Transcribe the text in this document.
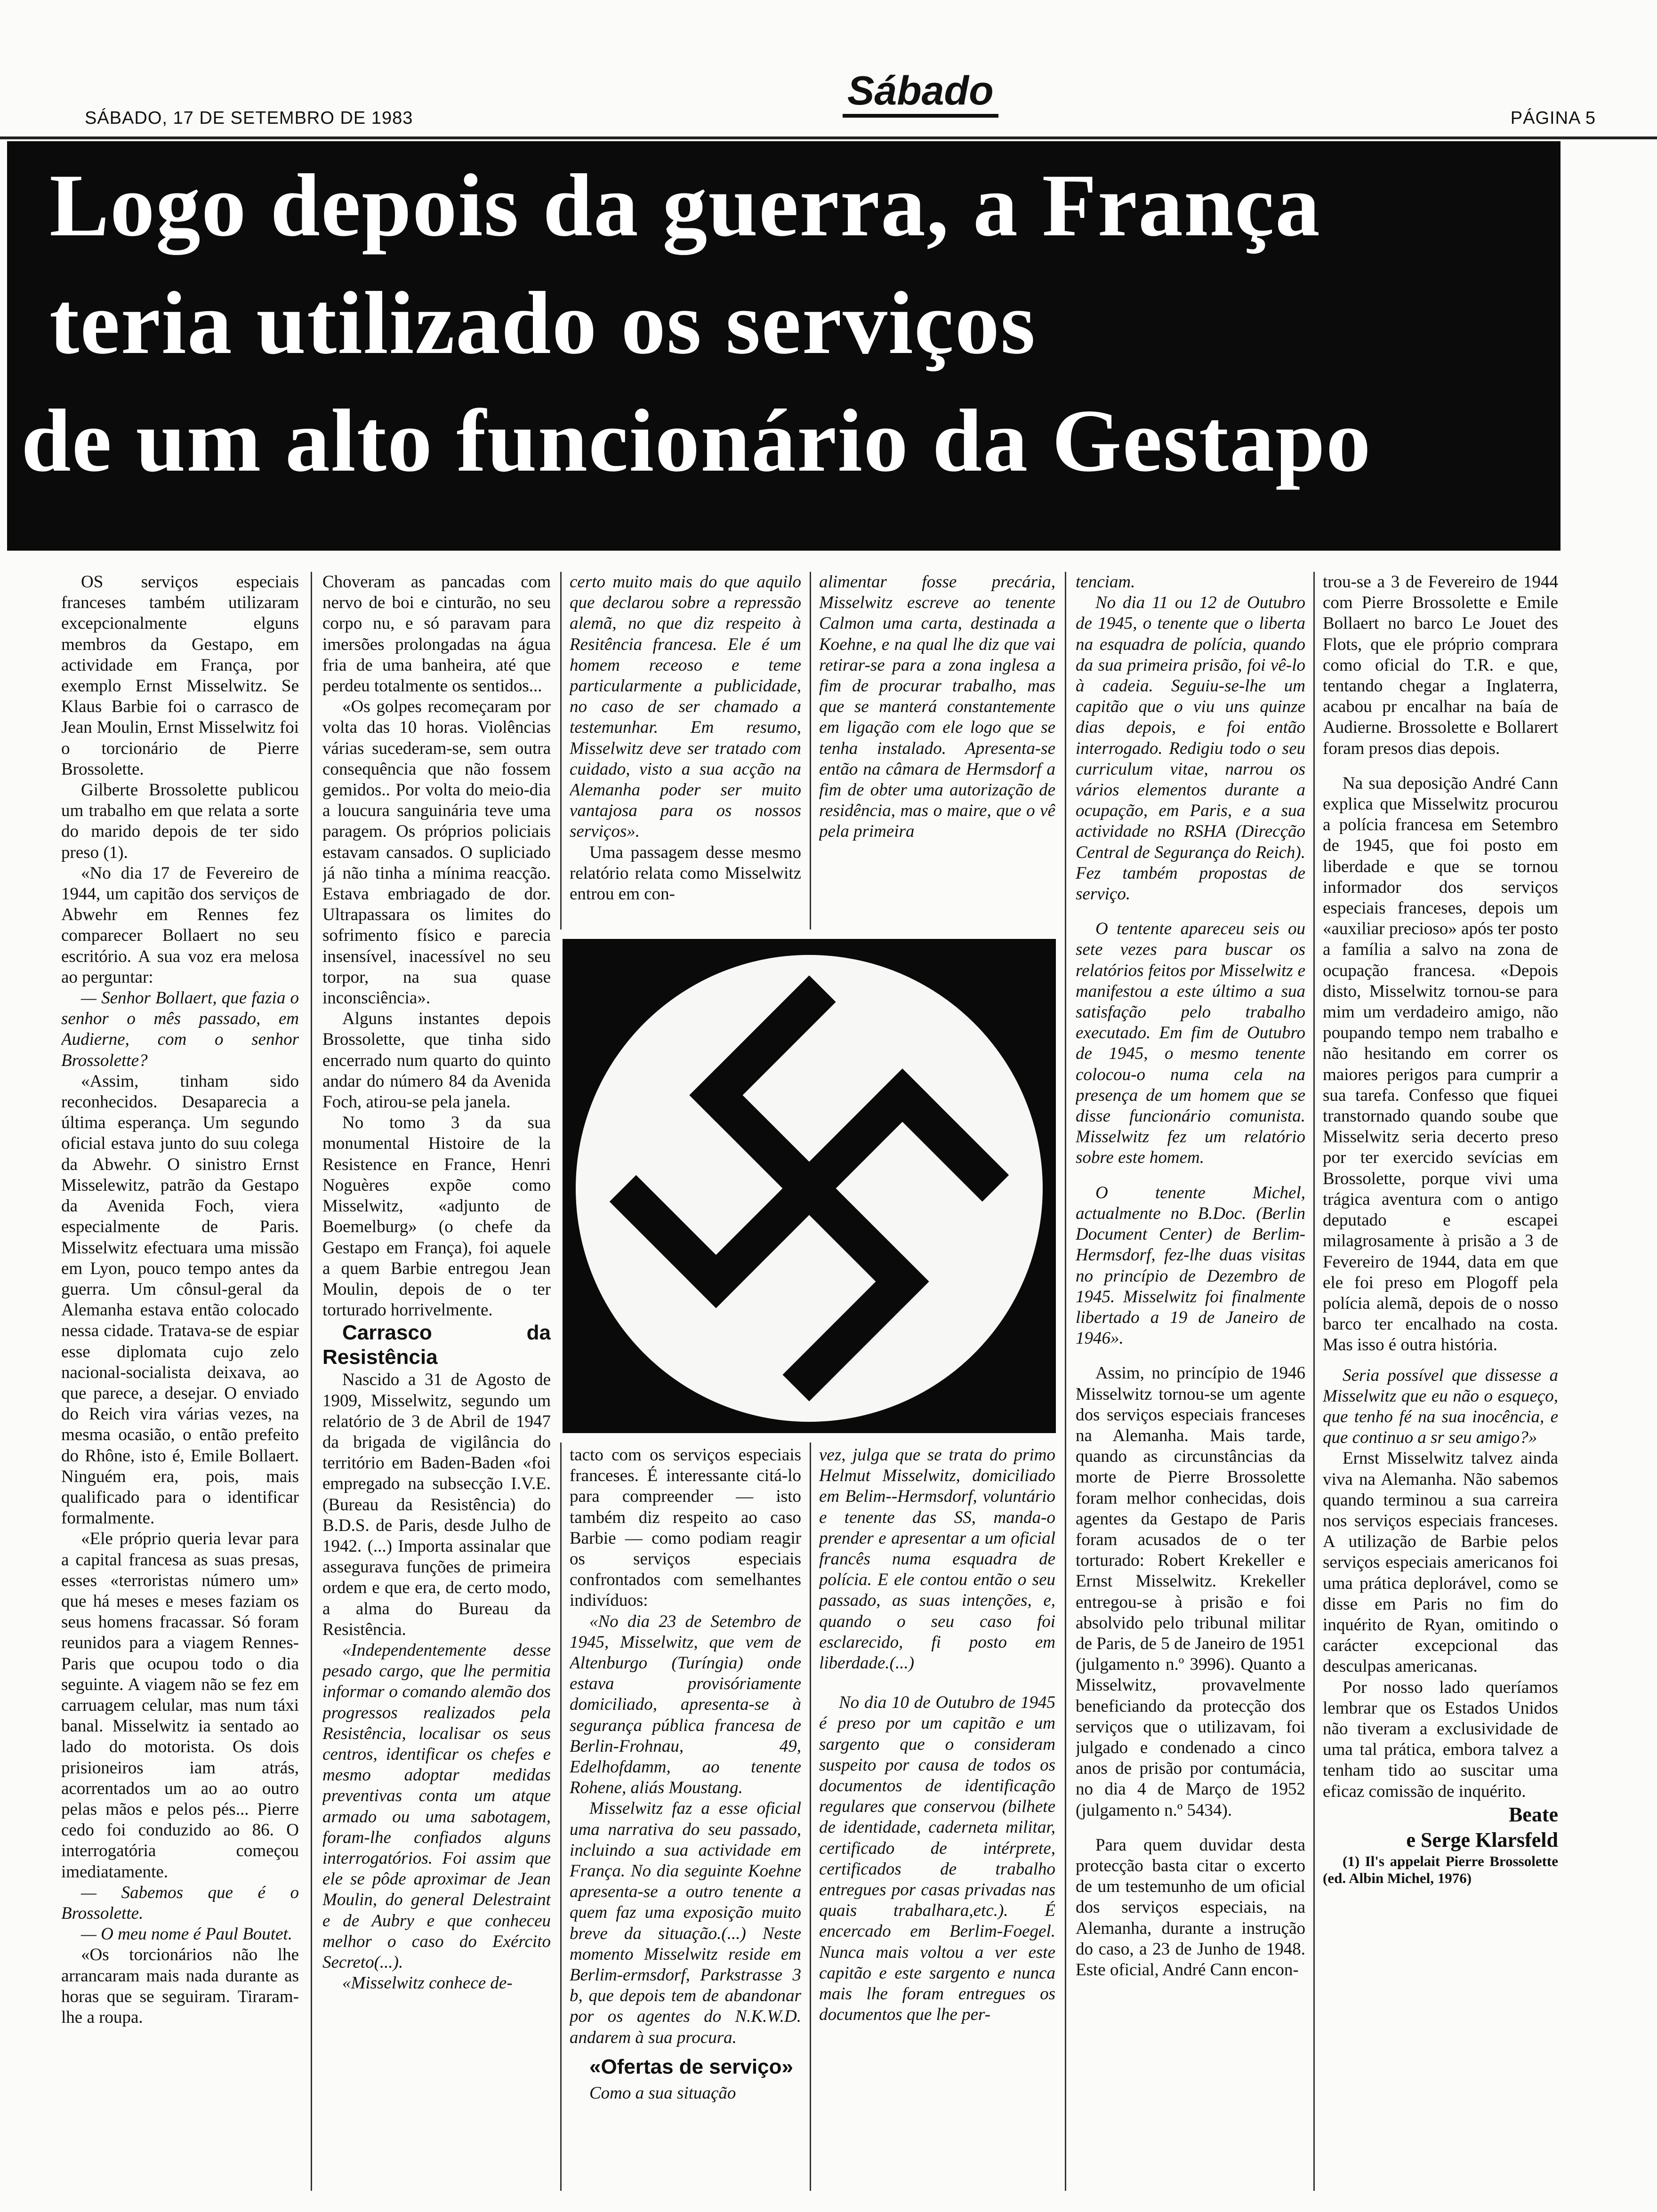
SÁBADO, 17 DE SETEMBRO DE 1983
Sábado
PÁGINA 5
Logo depois da guerra, a França
teria utilizado os serviços
de um alto funcionário da Gestapo

OS serviços especiais franceses também utilizaram excepcionalmente elguns membros da Gestapo, em actividade em França, por exemplo Ernst Misselwitz. Se Klaus Barbie foi o carrasco de Jean Moulin, Ernst Misselwitz foi o torcionário de Pierre Brossolette.

Gilberte Brossolette publicou um trabalho em que relata a sorte do marido depois de ter sido preso (1).

«No dia 17 de Fevereiro de 1944, um capitão dos serviços de Abwehr em Rennes fez comparecer Bollaert no seu escritório. A sua voz era melosa ao perguntar:

— Senhor Bollaert, que fazia o senhor o mês passado, em Audierne, com o senhor Brossolette?

«Assim, tinham sido reconhecidos. Desaparecia a última esperança. Um segundo oficial estava junto do suu colega da Abwehr. O sinistro Ernst Misselewitz, patrão da Gestapo da Avenida Foch, viera especialmente de Paris. Misselwitz efectuara uma missão em Lyon, pouco tempo antes da guerra. Um cônsul-geral da Alemanha estava então colocado nessa cidade. Tratava-se de espiar esse diplomata cujo zelo nacional-socialista deixava, ao que parece, a desejar. O enviado do Reich vira várias vezes, na mesma ocasião, o então prefeito do Rhône, isto é, Emile Bollaert. Ninguém era, pois, mais qualificado para o identificar formalmente.

«Ele próprio queria levar para a capital francesa as suas presas, esses «terroristas número um» que há meses e meses faziam os seus homens fracassar. Só foram reunidos para a viagem Rennes-Paris que ocupou todo o dia seguinte. A viagem não se fez em carruagem celular, mas num táxi banal. Misselwitz ia sentado ao lado do motorista. Os dois prisioneiros iam atrás, acorrentados um ao ao outro pelas mãos e pelos pés... Pierre cedo foi conduzido ao 86. O interrogatória começou imediatamente.

— Sabemos que é o Brossolette.

— O meu nome é Paul Boutet.

«Os torcionários não lhe arrancaram mais nada durante as horas que se seguiram. Tiraram-lhe a roupa.

Choveram as pancadas com nervo de boi e cinturão, no seu corpo nu, e só paravam para imersões prolongadas na água fria de uma banheira, até que perdeu totalmente os sentidos...

«Os golpes recomeçaram por volta das 10 horas. Violências várias sucederam-se, sem outra consequência que não fossem gemidos.. Por volta do meio-dia a loucura sanguinária teve uma paragem. Os próprios policiais estavam cansados. O supliciado já não tinha a mínima reacção. Estava embriagado de dor. Ultrapassara os limites do sofrimento físico e parecia insensível, inacessível no seu torpor, na sua quase inconsciência».

Alguns instantes depois Brossolette, que tinha sido encerrado num quarto do quinto andar do número 84 da Avenida Foch, atirou-se pela janela.

No tomo 3 da sua monumental Histoire de la Resistence en France, Henri Noguères expõe como Misselwitz, «adjunto de Boemelburg» (o chefe da Gestapo em França), foi aquele a quem Barbie entregou Jean Moulin, depois de o ter torturado horrivelmente.

Carrasco da Resistência

Nascido a 31 de Agosto de 1909, Misselwitz, segundo um relatório de 3 de Abril de 1947 da brigada de vigilância do território em Baden-Baden «foi empregado na subsecção I.V.E. (Bureau da Resistência) do B.D.S. de Paris, desde Julho de 1942. (...) Importa assinalar que assegurava funções de primeira ordem e que era, de certo modo, a alma do Bureau da Resistência.

«Independentemente desse pesado cargo, que lhe permitia informar o comando alemão dos progressos realizados pela Resistência, localisar os seus centros, identificar os chefes e mesmo adoptar medidas preventivas conta um atque armado ou uma sabotagem, foram-lhe confiados alguns interrogatórios. Foi assim que ele se pôde aproximar de Jean Moulin, do general Delestraint e de Aubry e que conheceu melhor o caso do Exército Secreto(...).

«Misselwitz conhece de-

certo muito mais do que aquilo que declarou sobre a repressão alemã, no que diz respeito à Resitência francesa. Ele é um homem receoso e teme particularmente a publicidade, no caso de ser chamado a testemunhar. Em resumo, Misselwitz deve ser tratado com cuidado, visto a sua acção na Alemanha poder ser muito vantajosa para os nossos serviços».

Uma passagem desse mesmo relatório relata como Misselwitz entrou em con-

alimentar fosse precária, Misselwitz escreve ao tenente Calmon uma carta, destinada a Koehne, e na qual lhe diz que vai retirar-se para a zona inglesa a fim de procurar trabalho, mas que se manterá constantemente em ligação com ele logo que se tenha instalado. Apresenta-se então na câmara de Hermsdorf a fim de obter uma autorização de residência, mas o maire, que o vê pela primeira

tacto com os serviços especiais franceses. É interessante citá-lo para compreender — isto também diz respeito ao caso Barbie — como podiam reagir os serviços especiais confrontados com semelhantes indivíduos:

«No dia 23 de Setembro de 1945, Misselwitz, que vem de Altenburgo (Turíngia) onde estava provisóriamente domiciliado, apresenta-se à segurança pública francesa de Berlin-Frohnau, 49, Edelhofdamm, ao tenente Rohene, aliás Moustang.

Misselwitz faz a esse oficial uma narrativa do seu passado, incluindo a sua actividade em França. No dia seguinte Koehne apresenta-se a outro tenente a quem faz uma exposição muito breve da situação.(...) Neste momento Misselwitz reside em Berlim-ermsdorf, Parkstrasse 3 b, que depois tem de abandonar por os agentes do N.K.W.D. andarem à sua procura.

«Ofertas de serviço»

Como a sua situação

vez, julga que se trata do primo Helmut Misselwitz, domiciliado em Belim--Hermsdorf, voluntário e tenente das SS, manda-o prender e apresentar a um oficial francês numa esquadra de polícia. E ele contou então o seu passado, as suas intenções, e, quando o seu caso foi esclarecido, fi posto em liberdade.(...)

No dia 10 de Outubro de 1945 é preso por um capitão e um sargento que o consideram suspeito por causa de todos os documentos de identificação regulares que conservou (bilhete de identidade, caderneta militar, certificado de intérprete, certificados de trabalho entregues por casas privadas nas quais trabalhara,etc.). É encercado em Berlim-Foegel. Nunca mais voltou a ver este capitão e este sargento e nunca mais lhe foram entregues os documentos que lhe per-

tenciam.

No dia 11 ou 12 de Outubro de 1945, o tenente que o liberta na esquadra de polícia, quando da sua primeira prisão, foi vê-lo à cadeia. Seguiu-se-lhe um capitão que o viu uns quinze dias depois, e foi então interrogado. Redigiu todo o seu curriculum vitae, narrou os vários elementos durante a ocupação, em Paris, e a sua actividade no RSHA (Direcção Central de Segurança do Reich). Fez também propostas de serviço.

O tentente apareceu seis ou sete vezes para buscar os relatórios feitos por Misselwitz e manifestou a este último a sua satisfação pelo trabalho executado. Em fim de Outubro de 1945, o mesmo tenente colocou-o numa cela na presença de um homem que se disse funcionário comunista. Misselwitz fez um relatório sobre este homem.

O tenente Michel, actualmente no B.Doc. (Berlin Document Center) de Berlim-Hermsdorf, fez-lhe duas visitas no princípio de Dezembro de 1945. Misselwitz foi finalmente libertado a 19 de Janeiro de 1946».

Assim, no princípio de 1946 Misselwitz tornou-se um agente dos serviços especiais franceses na Alemanha. Mais tarde, quando as circunstâncias da morte de Pierre Brossolette foram melhor conhecidas, dois agentes da Gestapo de Paris foram acusados de o ter torturado: Robert Krekeller e Ernst Misselwitz. Krekeller entregou-se à prisão e foi absolvido pelo tribunal militar de Paris, de 5 de Janeiro de 1951 (julgamento n.º 3996). Quanto a Misselwitz, provavelmente beneficiando da protecção dos serviços que o utilizavam, foi julgado e condenado a cinco anos de prisão por contumácia, no dia 4 de Março de 1952 (julgamento n.º 5434).

Para quem duvidar desta protecção basta citar o excerto de um testemunho de um oficial dos serviços especiais, na Alemanha, durante a instrução do caso, a 23 de Junho de 1948. Este oficial, André Cann encon-

trou-se a 3 de Fevereiro de 1944 com Pierre Brossolette e Emile Bollaert no barco Le Jouet des Flots, que ele próprio comprara como oficial do T.R. e que, tentando chegar a Inglaterra, acabou pr encalhar na baía de Audierne. Brossolette e Bollarert foram presos dias depois.

Na sua deposição André Cann explica que Misselwitz procurou a polícia francesa em Setembro de 1945, que foi posto em liberdade e que se tornou informador dos serviços especiais franceses, depois um «auxiliar precioso» após ter posto a família a salvo na zona de ocupação francesa. «Depois disto, Misselwitz tornou-se para mim um verdadeiro amigo, não poupando tempo nem trabalho e não hesitando em correr os maiores perigos para cumprir a sua tarefa. Confesso que fiquei transtornado quando soube que Misselwitz seria decerto preso por ter exercido sevícias em Brossolette, porque vivi uma trágica aventura com o antigo deputado e escapei milagrosamente à prisão a 3 de Fevereiro de 1944, data em que ele foi preso em Plogoff pela polícia alemã, depois de o nosso barco ter encalhado na costa. Mas isso é outra história.

Seria possível que dissesse a Misselwitz que eu não o esqueço, que tenho fé na sua inocência, e que continuo a sr seu amigo?»

Ernst Misselwitz talvez ainda viva na Alemanha. Não sabemos quando terminou a sua carreira nos serviços especiais franceses. A utilização de Barbie pelos serviços especiais americanos foi uma prática deplorável, como se disse em Paris no fim do inquérito de Ryan, omitindo o carácter excepcional das desculpas americanas.

Por nosso lado queríamos lembrar que os Estados Unidos não tiveram a exclusividade de uma tal prática, embora talvez a tenham tido ao suscitar uma eficaz comissão de inquérito.

Beate

e Serge Klarsfeld

(1) Il's appelait Pierre Brossolette (ed. Albin Michel, 1976)
